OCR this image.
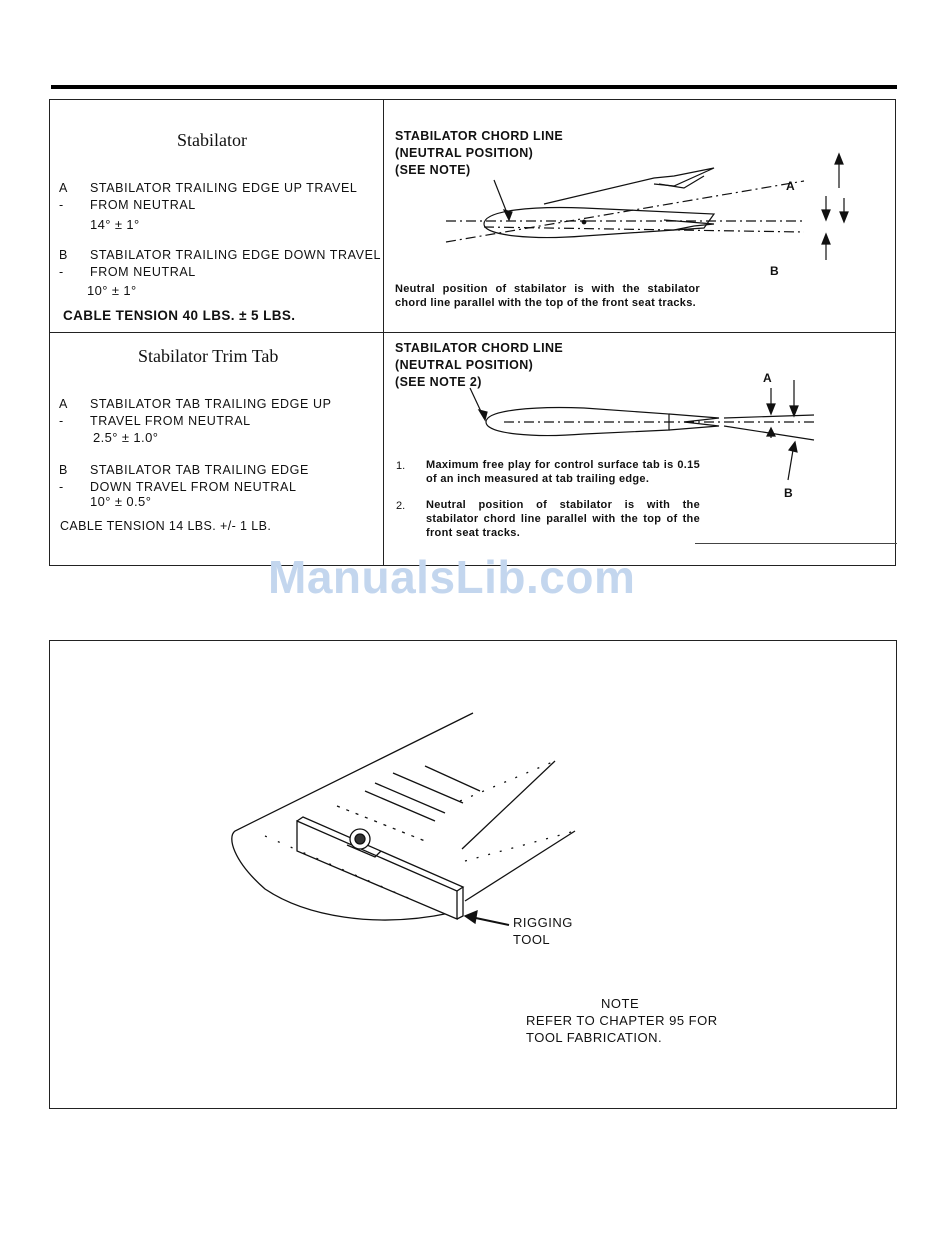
Stabilator
A -
STABILATOR TRAILING EDGE UP TRAVEL FROM NEUTRAL
14° ± 1°
B -
STABILATOR TRAILING EDGE DOWN TRAVEL FROM NEUTRAL
10° ± 1°
CABLE TENSION 40 LBS. ± 5 LBS.
STABILATOR CHORD LINE
(NEUTRAL POSITION)
(SEE NOTE)
A
B
Neutral position of stabilator is with the stabilator chord line parallel with the top of the front seat tracks.
Stabilator Trim Tab
A -
STABILATOR TAB TRAILING EDGE UP TRAVEL FROM NEUTRAL
2.5° ± 1.0°
B -
STABILATOR TAB TRAILING EDGE DOWN TRAVEL FROM NEUTRAL
10° ± 0.5°
CABLE TENSION 14 LBS. +/- 1 LB.
STABILATOR CHORD LINE
(NEUTRAL POSITION)
(SEE NOTE 2)	A
B
1. Maximum free play for control surface tab is 0.15 of an inch measured at tab trailing edge.
2. Neutral position of stabilator is with the stabilator chord line parallel with the top of the front seat tracks.
ManualsLib.com
RIGGING
TOOL
NOTE
REFER TO CHAPTER 95 FOR
TOOL FABRICATION.
